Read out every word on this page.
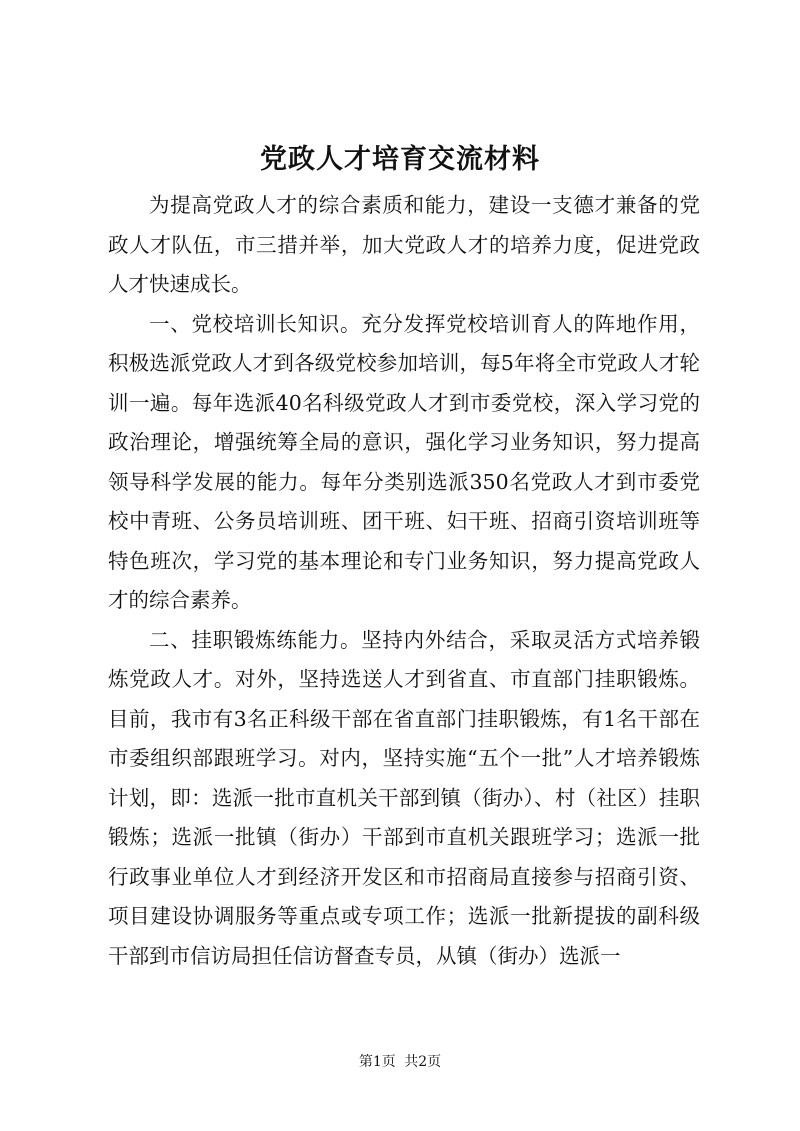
党政人才培育交流材料

为提高党政人才的综合素质和能力，建设一支德才兼备的党政人才队伍，市三措并举，加大党政人才的培养力度，促进党政人才快速成长。

一、党校培训长知识。充分发挥党校培训育人的阵地作用，积极选派党政人才到各级党校参加培训，每5年将全市党政人才轮训一遍。每年选派40名科级党政人才到市委党校，深入学习党的政治理论，增强统筹全局的意识，强化学习业务知识，努力提高领导科学发展的能力。每年分类别选派350名党政人才到市委党校中青班、公务员培训班、团干班、妇干班、招商引资培训班等特色班次，学习党的基本理论和专门业务知识，努力提高党政人才的综合素养。

二、挂职锻炼练能力。坚持内外结合，采取灵活方式培养锻炼党政人才。对外，坚持选送人才到省直、市直部门挂职锻炼。目前，我市有3名正科级干部在省直部门挂职锻炼，有1名干部在市委组织部跟班学习。对内，坚持实施“五个一批”人才培养锻炼计划，即：选派一批市直机关干部到镇（街办）、村（社区）挂职锻炼；选派一批镇（街办）干部到市直机关跟班学习；选派一批行政事业单位人才到经济开发区和市招商局直接参与招商引资、项目建设协调服务等重点或专项工作；选派一批新提拔的副科级干部到市信访局担任信访督查专员，从镇（街办）选派一

第1页 共2页
